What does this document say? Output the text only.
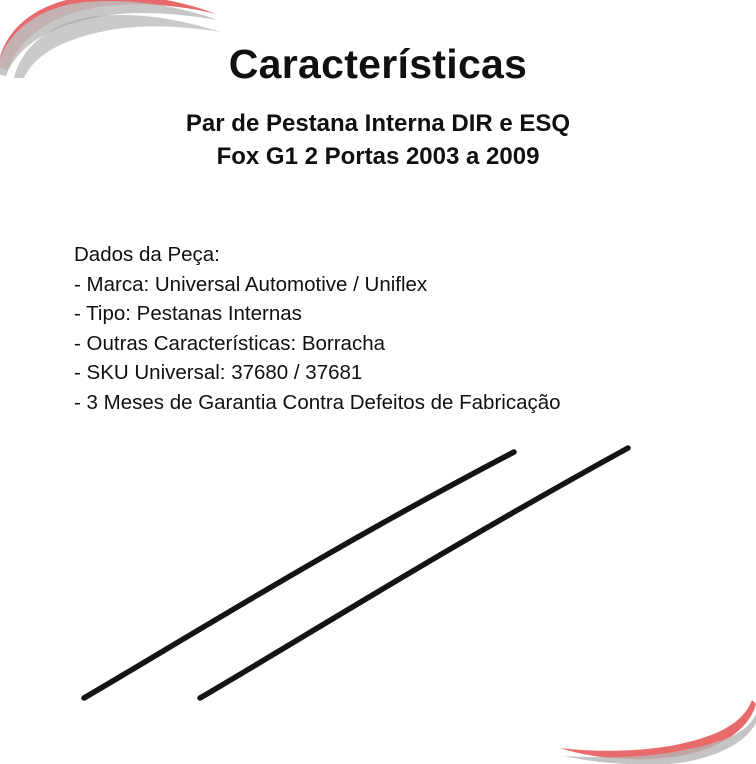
Características
Par de Pestana Interna DIR e ESQ
Fox G1 2 Portas 2003 a 2009
Dados da Peça:
- Marca: Universal Automotive / Uniflex
- Tipo: Pestanas Internas
- Outras Características: Borracha
- SKU Universal: 37680 / 37681
- 3 Meses de Garantia Contra Defeitos de Fabricação
